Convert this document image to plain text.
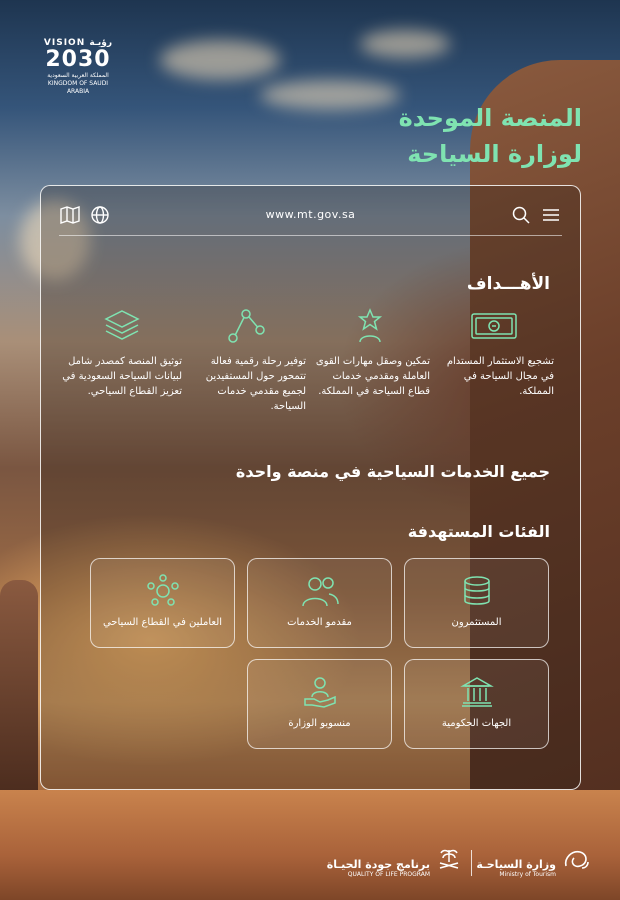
VISION رؤيـة
2030
المملكة العربية السعودية
KINGDOM OF SAUDI ARABIA
المنصة الموحدة
لوزارة السياحة
www.mt.gov.sa
الأهـــداف
تشجيع الاستثمار المستدام في مجال السياحة في المملكة.
تمكين وصقل مهارات القوى العاملة ومقدمي خدمات قطاع السياحة في المملكة.
توفير رحلة رقمية فعالة تتمحور حول المستفيدين لجميع مقدمي خدمات السياحة.
توثيق المنصة كمصدر شامل لبيانات السياحة السعودية في تعزيز القطاع السياحي.
جميع الخدمات السياحية في منصة واحدة
الفئات المستهدفة
المستثمرون
مقدمو الخدمات
العاملين في القطاع السياحي
الجهات الحكومية
منسوبو الوزارة
وزارة السياحـة
Ministry of Tourism
برنامج جودة الحيـاة
QUALITY OF LIFE PROGRAM
